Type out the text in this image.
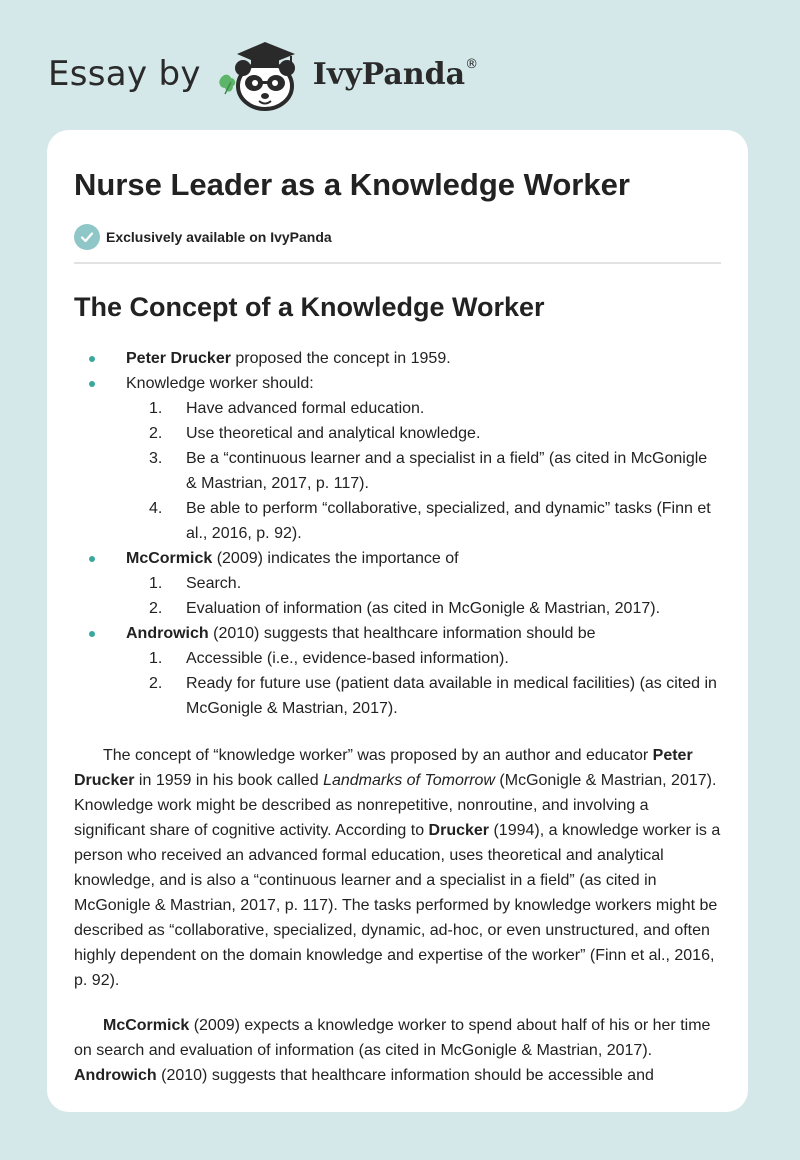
Essay by	IvyPanda®
Nurse Leader as a Knowledge Worker
Exclusively available on IvyPanda
The Concept of a Knowledge Worker
Peter Drucker proposed the concept in 1959.
Knowledge worker should:
1. Have advanced formal education.
2. Use theoretical and analytical knowledge.
3. Be a “continuous learner and a specialist in a field” (as cited in McGonigle & Mastrian, 2017, p. 117).
4. Be able to perform “collaborative, specialized, and dynamic” tasks (Finn et al., 2016, p. 92).
McCormick (2009) indicates the importance of
1. Search.
2. Evaluation of information (as cited in McGonigle & Mastrian, 2017).
Androwich (2010) suggests that healthcare information should be
1. Accessible (i.e., evidence-based information).
2. Ready for future use (patient data available in medical facilities) (as cited in McGonigle & Mastrian, 2017).

The concept of “knowledge worker” was proposed by an author and educator Peter Drucker in 1959 in his book called Landmarks of Tomorrow (McGonigle & Mastrian, 2017). Knowledge work might be described as nonrepetitive, nonroutine, and involving a significant share of cognitive activity. According to Drucker (1994), a knowledge worker is a person who received an advanced formal education, uses theoretical and analytical knowledge, and is also a “continuous learner and a specialist in a field” (as cited in McGonigle & Mastrian, 2017, p. 117). The tasks performed by knowledge workers might be described as “collaborative, specialized, dynamic, ad-hoc, or even unstructured, and often highly dependent on the domain knowledge and expertise of the worker” (Finn et al., 2016, p. 92).

McCormick (2009) expects a knowledge worker to spend about half of his or her time on search and evaluation of information (as cited in McGonigle & Mastrian, 2017). Androwich (2010) suggests that healthcare information should be accessible and
